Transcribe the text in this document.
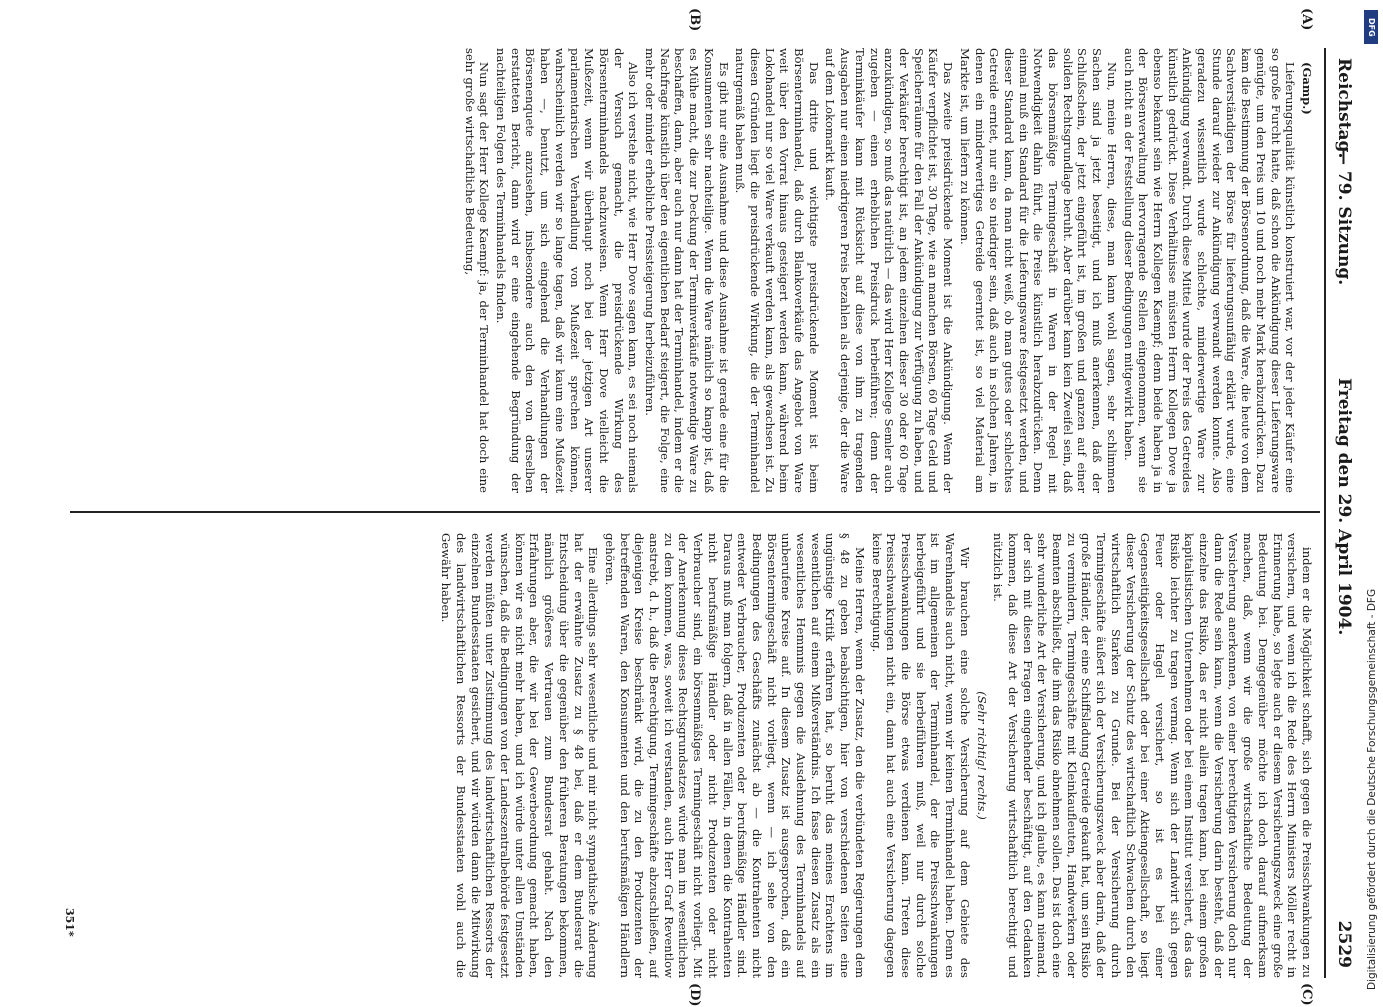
Reichstag.
— 79. Sitzung.
Freitag den 29. April 1904.
2529
(A)
(B)
(C)
(D)

(Gamp.)

Lieferungsqualität künstlich konstruiert war, vor der jeder Käufer eine so große Furcht hatte, daß schon die Ankündigung dieser Lieferungsware genügte, um den Preis um 10 und noch mehr Mark herabzudrücken. Dazu kam die Bestimmung der Börsenordnung, daß die Ware, die heute von dem Sachverständigen der Börse für lieferungsunfähig erklärt wurde, eine Stunde darauf wieder zur Ankündigung verwandt werden konnte. Also geradezu wissentlich wurde schlechte, minderwertige Ware zur Ankündigung verwandt. Durch diese Mittel wurde der Preis des Getreides künstlich gedrückt. Diese Verhältnisse müssten Herrn Kollegen Dove ja ebenso bekannt sein wie Herrn Kollegen Kaempf; denn beide haben ja in der Börsenverwaltung hervorragende Stellen eingenommen, wenn sie auch nicht an der Feststellung dieser Bedingungen mitgewirkt haben.

Nun, meine Herren, diese, man kann wohl sagen, sehr schlimmen Sachen sind ja jetzt beseitigt, und ich muß anerkennen, daß der Schlußschein, der jetzt eingeführt ist, im großen und ganzen auf einer soliden Rechtsgrundlage beruht. Aber darüber kann kein Zweifel sein, daß das börsenmäßige Termingeschäft in Waren in der Regel mit Notwendigkeit dahin führt, die Preise künstlich herabzudrücken. Denn einmal muß ein Standard für die Lieferungsware festgesetzt werden, und dieser Standard kann, da man nicht weiß, ob man gutes oder schlechtes Getreide erntet, nur ein so niedriger sein, daß auch in solchen Jahren, in denen ein minderwertiges Getreide geerntet ist, so viel Material am Markte ist, um liefern zu können.

Das zweite preisdrückende Moment ist die Ankündigung. Wenn der Käufer verpflichtet ist, 30 Tage, wie an manchen Börsen, 60 Tage Geld und Speicherräume für den Fall der Ankündigung zur Verfügung zu haben, und der Verkäufer berechtigt ist, an jedem einzelnen dieser 30 oder 60 Tage anzukündigen, so muß das natürlich — das wird Herr Kollege Semler auch zugeben — einen erheblichen Preisdruck herbeiführen; denn der Terminkäufer kann mit Rücksicht auf diese von ihm zu tragenden Ausgaben nur einen niedrigeren Preis bezahlen als derjenige, der die Ware auf dem Lokomarkt kauft.

Das dritte und wichtigste preisdrückende Moment ist beim Börsenterminhandel, daß durch Blankoverkäufe das Angebot von Ware weit über den Vorrat hinaus gesteigert werden kann, während beim Lokohandel nur so viel Ware verkauft werden kann, als gewachsen ist. Zu diesen Gründen liegt die preisdrückende Wirkung, die der Terminhandel naturgemäß haben muß.

Es gibt nur eine Ausnahme und diese Ausnahme ist gerade eine für die Konsumenten sehr nachteilige. Wenn die Ware nämlich so knapp ist, daß es Mühe macht, die zur Deckung der Terminverkäufe notwendige Ware zu beschaffen, dann, aber auch nur dann hat der Terminhandel, indem er die Nachfrage künstlich über den eigentlichen Bedarf steigert, die Folge, eine mehr oder minder erhebliche Preissteigerung herbeizuführen.

Also ich verstehe nicht, wie Herr Dove sagen kann, es sei noch niemals der Versuch gemacht, die preisdrückende Wirkung des Börsenterminhandels nachzuweisen. Wenn Herr Dove vielleicht die Mußezeit, wenn wir überhaupt noch bei der jetzigen Art unserer parlamentarischen Verhandlung von Mußezeit sprechen können, wahrscheinlich werden wir so lange tagen, daß wir kaum eine Mußezeit haben —, benutzt, um sich eingehend die Verhandlungen der Börsenenquete anzusehen, insbesondere auch den von derselben erstatteten Bericht, dann wird er eine eingehende Begründung der nachteiligen Folgen des Terminhandels finden.

Nun sagt der Herr Kollege Kaempf: ja, der Terminhandel hat doch eine sehr große wirtschaftliche Bedeutung,

indem er die Möglichkeit schafft, sich gegen die Preisschwankungen zu versichern, und wenn ich die Rede des Herrn Ministers Möller recht in Erinnerung habe, so legte auch er diesem Versicherungszweck eine große Bedeutung bei. Demgegenüber möchte ich doch darauf aufmerksam machen, daß, wenn wir die große wirtschaftliche Bedeutung der Versicherung anerkennen, von einer berechtigten Versicherung doch nur dann die Rede sein kann, wenn die Versicherung darin besteht, daß der einzelne das Risiko, das er nicht allein tragen kann, bei einem großen kapitalistischen Unternehmen oder bei einem Institut versichert, das das Risiko leichter zu tragen vermag. Wenn sich der Landwirt sich gegen Feuer oder Hagel versichert, so ist es bei einer Gegenseitigkeitsgesellschaft oder bei einer Aktiengesellschaft, so liegt dieser Versicherung der Schutz des wirtschaftlich Schwachen durch den wirtschaftlich Starken zu Grunde. Bei der Versicherung durch Termingeschäfte äußert sich der Versicherungszweck aber darin, daß der große Händler, der eine Schiffsladung Getreide gekauft hat, um sein Risiko zu vermindern, Termingeschäfte mit Kleinkaufleuten, Handwerkern oder Beamten abschließt, die ihm das Risiko abnehmen sollen. Das ist doch eine sehr wunderliche Art der Versicherung, und ich glaube, es kann niemand, der sich mit diesen Fragen eingehender beschäftigt, auf den Gedanken kommen, daß diese Art der Versicherung wirtschaftlich berechtigt und nützlich ist.

(Sehr richtig! rechts.)

Wir brauchen eine solche Versicherung auf dem Gebiete des Warenhandels auch nicht, wenn wir keinen Terminhandel haben. Denn es ist im allgemeinen der Terminhandel, der die Preisschwankungen herbeigeführt und sie herbeiführen muß, weil nur durch solche Preisschwankungen die Börse etwas verdienen kann. Treten diese Preisschwankungen nicht ein, dann hat auch eine Versicherung dagegen keine Berechtigung.

Meine Herren, wenn der Zusatz, den die verbündeten Regierungen dem § 48 zu geben beabsichtigen, hier von verschiedenen Seiten eine ungünstige Kritik erfahren hat, so beruht das meines Erachtens im wesentlichen auf einem Mißverständnis. Ich fasse diesen Zusatz als ein wesentliches Hemmnis gegen die Ausdehnung des Terminhandels auf unberufene Kreise auf. In diesem Zusatz ist ausgesprochen, daß ein Börsentermingeschäft nicht vorliegt, wenn — ich sehe von den Bedingungen des Geschäfts zunächst ab — die Kontrahenten nicht entweder Verbraucher, Produzenten oder berufsmäßige Händler sind. Daraus muß man folgern, daß in allen Fällen, in denen die Kontrahenten nicht berufsmäßige Händler oder nicht Produzenten oder nicht Verbraucher sind, ein börsenmäßiges Termingeschäft nicht vorliegt. Mit der Anerkennung dieses Rechtsgrundsatzes würde man im wesentlichen zu dem kommen, was, soweit ich verstanden, auch Herr Graf Reventlow anstrebt, d. h., daß die Berechtigung, Termingeschäfte abzuschließen, auf diejenigen Kreise beschränkt wird, die zu den Produzenten der betreffenden Waren, den Konsumenten und den berufsmäßigen Händlern gehören.

Eine allerdings sehr wesentliche und mir nicht sympathische Änderung hat der erwähnte Zusatz zu § 48 bei, daß er dem Bundesrat die Entscheidung über die gegenüber den früheren Beratungen bekommen, nämlich größeres Vertrauen zum Bundesrat gehabt. Nach den Erfahrungen aber, die wir bei der Gewerbeordnung gemacht haben, können wir es nicht mehr haben, und ich würde unter allen Umständen wünschen, daß die Bedingungen von der Landeszentralbehörde festgesetzt werden müßten unter Zustimmung des landwirtschaftlichen Ressorts der einzelnen Bundesstaaten gesichert, und wir würden dann die Mitwirkung des landwirtschaftlichen Ressorts der Bundesstaaten wohl auch die Gewähr haben.

351*
DFG
Digitalisierung gefördert durch die Deutsche Forschungsgemeinschaft - DFG
